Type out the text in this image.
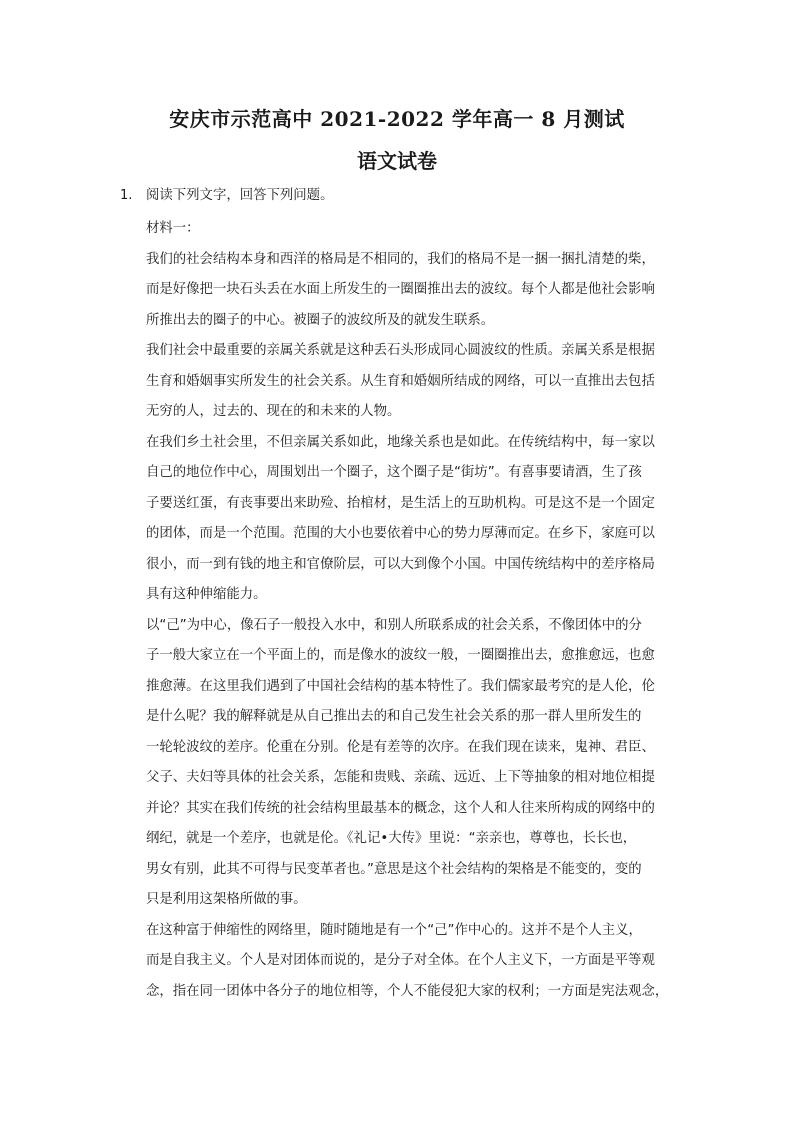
安庆市示范高中 2021-2022 学年高一 8 月测试
语文试卷
1. 阅读下列文字，回答下列问题。
材料一：
我们的社会结构本身和西洋的格局是不相同的，我们的格局不是一捆一捆扎清楚的柴，
而是好像把一块石头丢在水面上所发生的一圈圈推出去的波纹。每个人都是他社会影响
所推出去的圈子的中心。被圈子的波纹所及的就发生联系。
我们社会中最重要的亲属关系就是这种丢石头形成同心圆波纹的性质。亲属关系是根据
生育和婚姻事实所发生的社会关系。从生育和婚姻所结成的网络，可以一直推出去包括
无穷的人，过去的、现在的和未来的人物。
在我们乡土社会里，不但亲属关系如此，地缘关系也是如此。在传统结构中，每一家以
自己的地位作中心，周围划出一个圈子，这个圈子是“街坊”。有喜事要请酒，生了孩
子要送红蛋，有丧事要出来助殓、抬棺材，是生活上的互助机构。可是这不是一个固定
的团体，而是一个范围。范围的大小也要依着中心的势力厚薄而定。在乡下，家庭可以
很小，而一到有钱的地主和官僚阶层，可以大到像个小国。中国传统结构中的差序格局
具有这种伸缩能力。
以“己”为中心，像石子一般投入水中，和别人所联系成的社会关系，不像团体中的分
子一般大家立在一个平面上的，而是像水的波纹一般，一圈圈推出去，愈推愈远，也愈
推愈薄。在这里我们遇到了中国社会结构的基本特性了。我们儒家最考究的是人伦，伦
是什么呢？我的解释就是从自己推出去的和自己发生社会关系的那一群人里所发生的
一轮轮波纹的差序。伦重在分别。伦是有差等的次序。在我们现在读来，鬼神、君臣、
父子、夫妇等具体的社会关系，怎能和贵贱、亲疏、远近、上下等抽象的相对地位相提
并论？其实在我们传统的社会结构里最基本的概念，这个人和人往来所构成的网络中的
纲纪，就是一个差序，也就是伦。《礼记•大传》里说：“亲亲也，尊尊也，长长也，
男女有别，此其不可得与民变革者也。”意思是这个社会结构的架格是不能变的，变的
只是利用这架格所做的事。
在这种富于伸缩性的网络里，随时随地是有一个“己”作中心的。这并不是个人主义，
而是自我主义。个人是对团体而说的，是分子对全体。在个人主义下，一方面是平等观
念，指在同一团体中各分子的地位相等，个人不能侵犯大家的权利；一方面是宪法观念，
